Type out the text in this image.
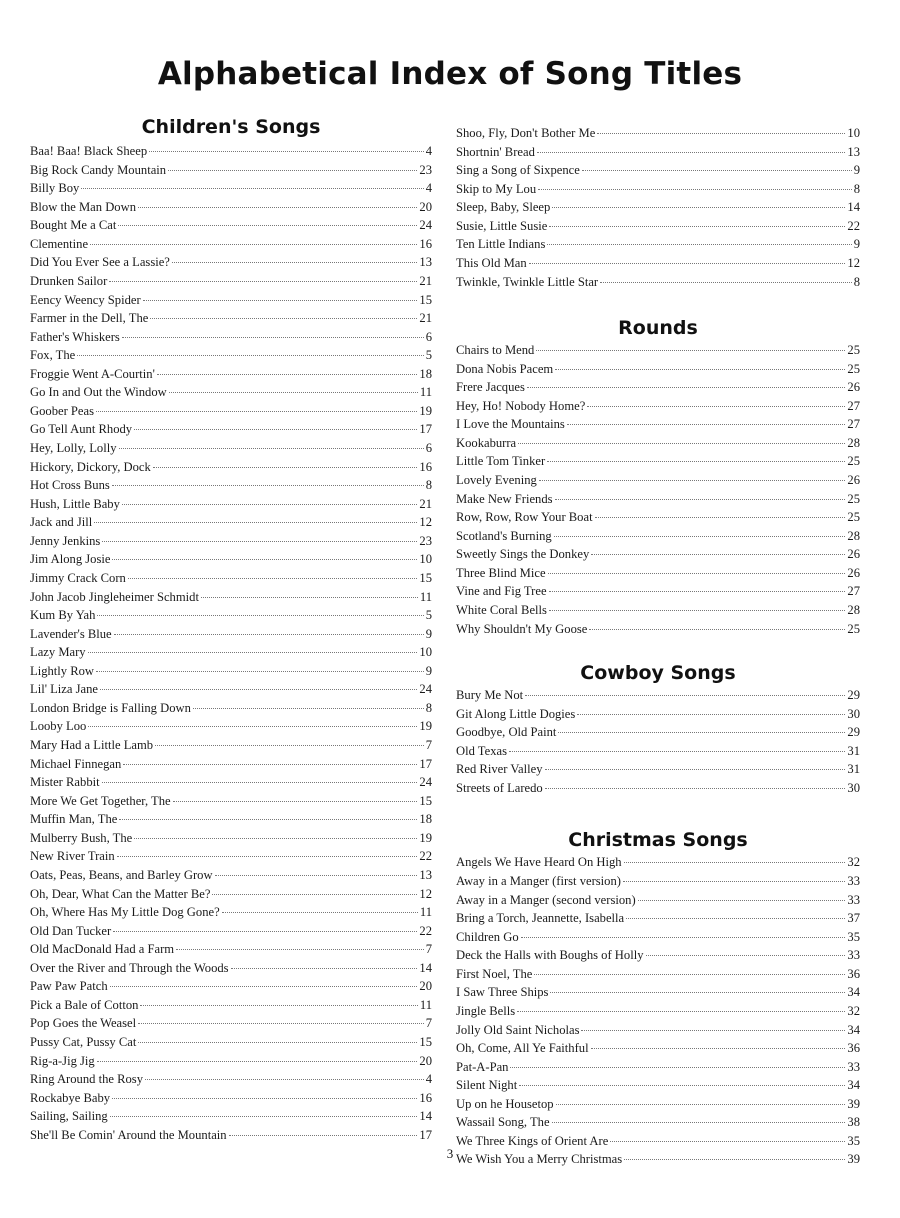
Alphabetical Index of Song Titles
Children's Songs
Baa! Baa! Black Sheep	4
Big Rock Candy Mountain	23
Billy Boy	4
Blow the Man Down	20
Bought Me a Cat	24
Clementine	16
Did You Ever See a Lassie?	13
Drunken Sailor	21
Eency Weency Spider	15
Farmer in the Dell, The	21
Father's Whiskers	6
Fox, The	5
Froggie Went A-Courtin'	18
Go In and Out the Window	11
Goober Peas	19
Go Tell Aunt Rhody	17
Hey, Lolly, Lolly	6
Hickory, Dickory, Dock	16
Hot Cross Buns	8
Hush, Little Baby	21
Jack and Jill	12
Jenny Jenkins	23
Jim Along Josie	10
Jimmy Crack Corn	15
John Jacob Jingleheimer Schmidt	11
Kum By Yah	5
Lavender's Blue	9
Lazy Mary	10
Lightly Row	9
Lil' Liza Jane	24
London Bridge is Falling Down	8
Looby Loo	19
Mary Had a Little Lamb	7
Michael Finnegan	17
Mister Rabbit	24
More We Get Together, The	15
Muffin Man, The	18
Mulberry Bush, The	19
New River Train	22
Oats, Peas, Beans, and Barley Grow	13
Oh, Dear, What Can the Matter Be?	12
Oh, Where Has My Little Dog Gone?	11
Old Dan Tucker	22
Old MacDonald Had a Farm	7
Over the River and Through the Woods	14
Paw Paw Patch	20
Pick a Bale of Cotton	11
Pop Goes the Weasel	7
Pussy Cat, Pussy Cat	15
Rig-a-Jig Jig	20
Ring Around the Rosy	4
Rockabye Baby	16
Sailing, Sailing	14
She'll Be Comin' Around the Mountain	17
Shoo, Fly, Don't Bother Me	10
Shortnin' Bread	13
Sing a Song of Sixpence	9
Skip to My Lou	8
Sleep, Baby, Sleep	14
Susie, Little Susie	22
Ten Little Indians	9
This Old Man	12
Twinkle, Twinkle Little Star	8
Rounds
Chairs to Mend	25
Dona Nobis Pacem	25
Frere Jacques	26
Hey, Ho! Nobody Home?	27
I Love the Mountains	27
Kookaburra	28
Little Tom Tinker	25
Lovely Evening	26
Make New Friends	25
Row, Row, Row Your Boat	25
Scotland's Burning	28
Sweetly Sings the Donkey	26
Three Blind Mice	26
Vine and Fig Tree	27
White Coral Bells	28
Why Shouldn't My Goose	25
Cowboy Songs
Bury Me Not	29
Git Along Little Dogies	30
Goodbye, Old Paint	29
Old Texas	31
Red River Valley	31
Streets of Laredo	30
Christmas Songs
Angels We Have Heard On High	32
Away in a Manger (first version)	33
Away in a Manger (second version)	33
Bring a Torch, Jeannette, Isabella	37
Children Go	35
Deck the Halls with Boughs of Holly	33
First Noel, The	36
I Saw Three Ships	34
Jingle Bells	32
Jolly Old Saint Nicholas	34
Oh, Come, All Ye Faithful	36
Pat-A-Pan	33
Silent Night	34
Up on he Housetop	39
Wassail Song, The	38
We Three Kings of Orient Are	35
We Wish You a Merry Christmas	39
3
